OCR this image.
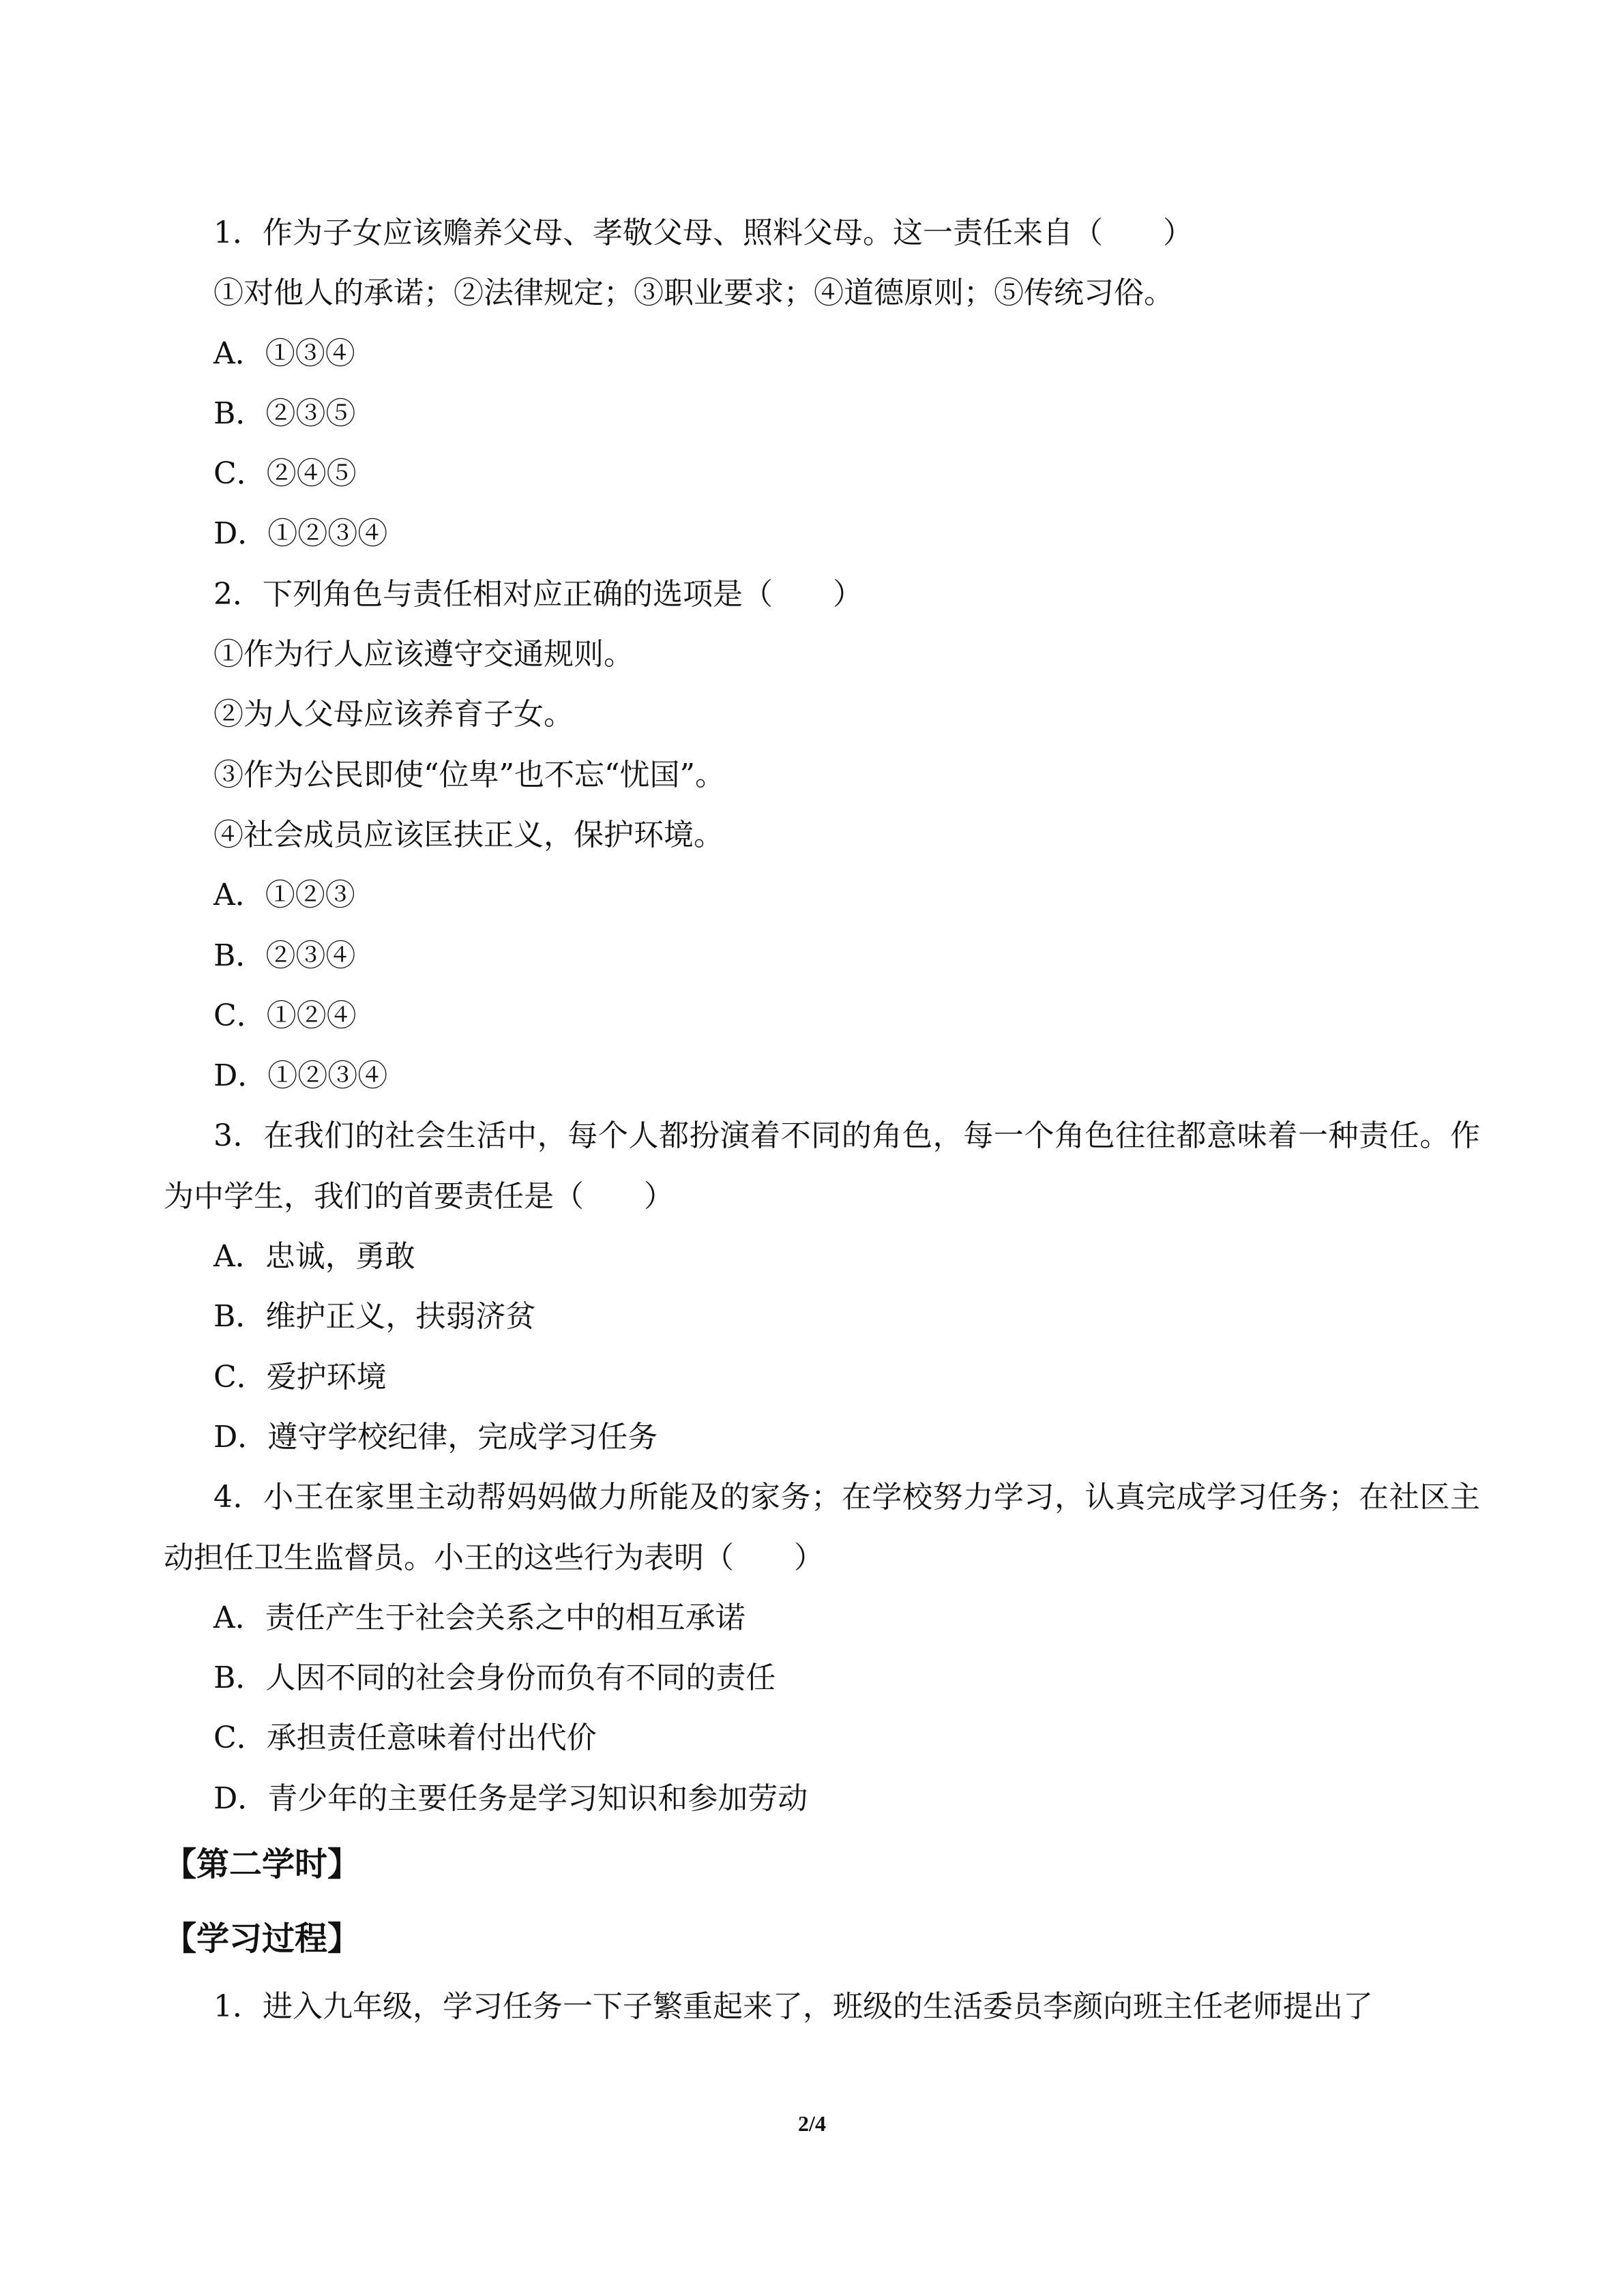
1．作为子女应该赡养父母、孝敬父母、照料父母。这一责任来自（　　）

①对他人的承诺；②法律规定；③职业要求；④道德原则；⑤传统习俗。

A．①③④

B．②③⑤

C．②④⑤

D．①②③④

2．下列角色与责任相对应正确的选项是（　　）

①作为行人应该遵守交通规则。

②为人父母应该养育子女。

③作为公民即使“位卑”也不忘“忧国”。

④社会成员应该匡扶正义，保护环境。

A．①②③

B．②③④

C．①②④

D．①②③④

3．在我们的社会生活中，每个人都扮演着不同的角色，每一个角色往往都意味着一种责任。作为中学生，我们的首要责任是（　　）

A．忠诚，勇敢

B．维护正义，扶弱济贫

C．爱护环境

D．遵守学校纪律，完成学习任务

4．小王在家里主动帮妈妈做力所能及的家务；在学校努力学习，认真完成学习任务；在社区主动担任卫生监督员。小王的这些行为表明（　　）

A．责任产生于社会关系之中的相互承诺

B．人因不同的社会身份而负有不同的责任

C．承担责任意味着付出代价

D．青少年的主要任务是学习知识和参加劳动

【第二学时】

【学习过程】

1．进入九年级，学习任务一下子繁重起来了，班级的生活委员李颜向班主任老师提出了

2/4
